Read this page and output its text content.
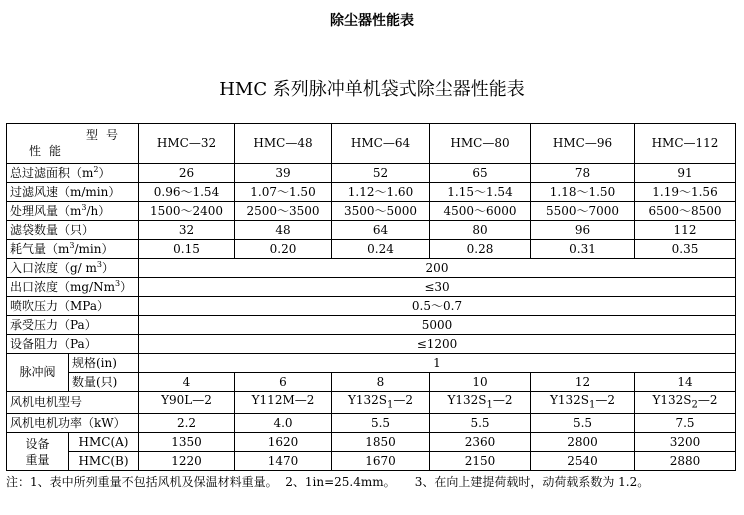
除尘器性能表
HMC 系列脉冲单机袋式除尘器性能表
型号
性能		HMC—32	HMC—48	HMC—64	HMC—80	HMC—96	HMC—112
总过滤面积$(m^2)$		26	39	52	65	78	91
过滤风速（m/min）		0.96～1.54	1.07～1.50	1.12～1.60	1.15～1.54	1.18～1.50	1.19～1.56
处理风量$(m^3/h)$		1500～2400	2500～3500	3500～5000	4500～6000	5500～7000	6500～8500
滤袋数量（只）		32	48	64	80	96	112
耗气量$(m^3/\min)$		0.15	0.20	0.24	0.28	0.31	0.35
入口浓度（g/ $m^3$）		200					
出口浓度（mg/Nm$^3$）		≤30					
喷吹压力（MPa）		0.5～0.7					
承受压力（Pa）		5000					
设备阻力（Pa）		≤1200					
脉冲阀	规格(in)	1					
	数量(只)	4	6	8	10	12	14
风机电机型号		Y90L—2	Y112M—2	$Y132S_1—2$	$Y132S_1—2$	$Y132S_1—2$	$Y132S_2—2$
风机电机功率（kW）		2.2	4.0	5.5	5.5	5.5	7.5
设备
重量	HMC(A)	1350	1620	1850	2360	2800	3200
	HMC(B)	1220	1470	1670	2150	2540	2880
注：1、表中所列重量不包括风机及保温材料重量。  2、1in=25.4mm。     3、在向上建提荷载时，动荷载系数为 1.2。
